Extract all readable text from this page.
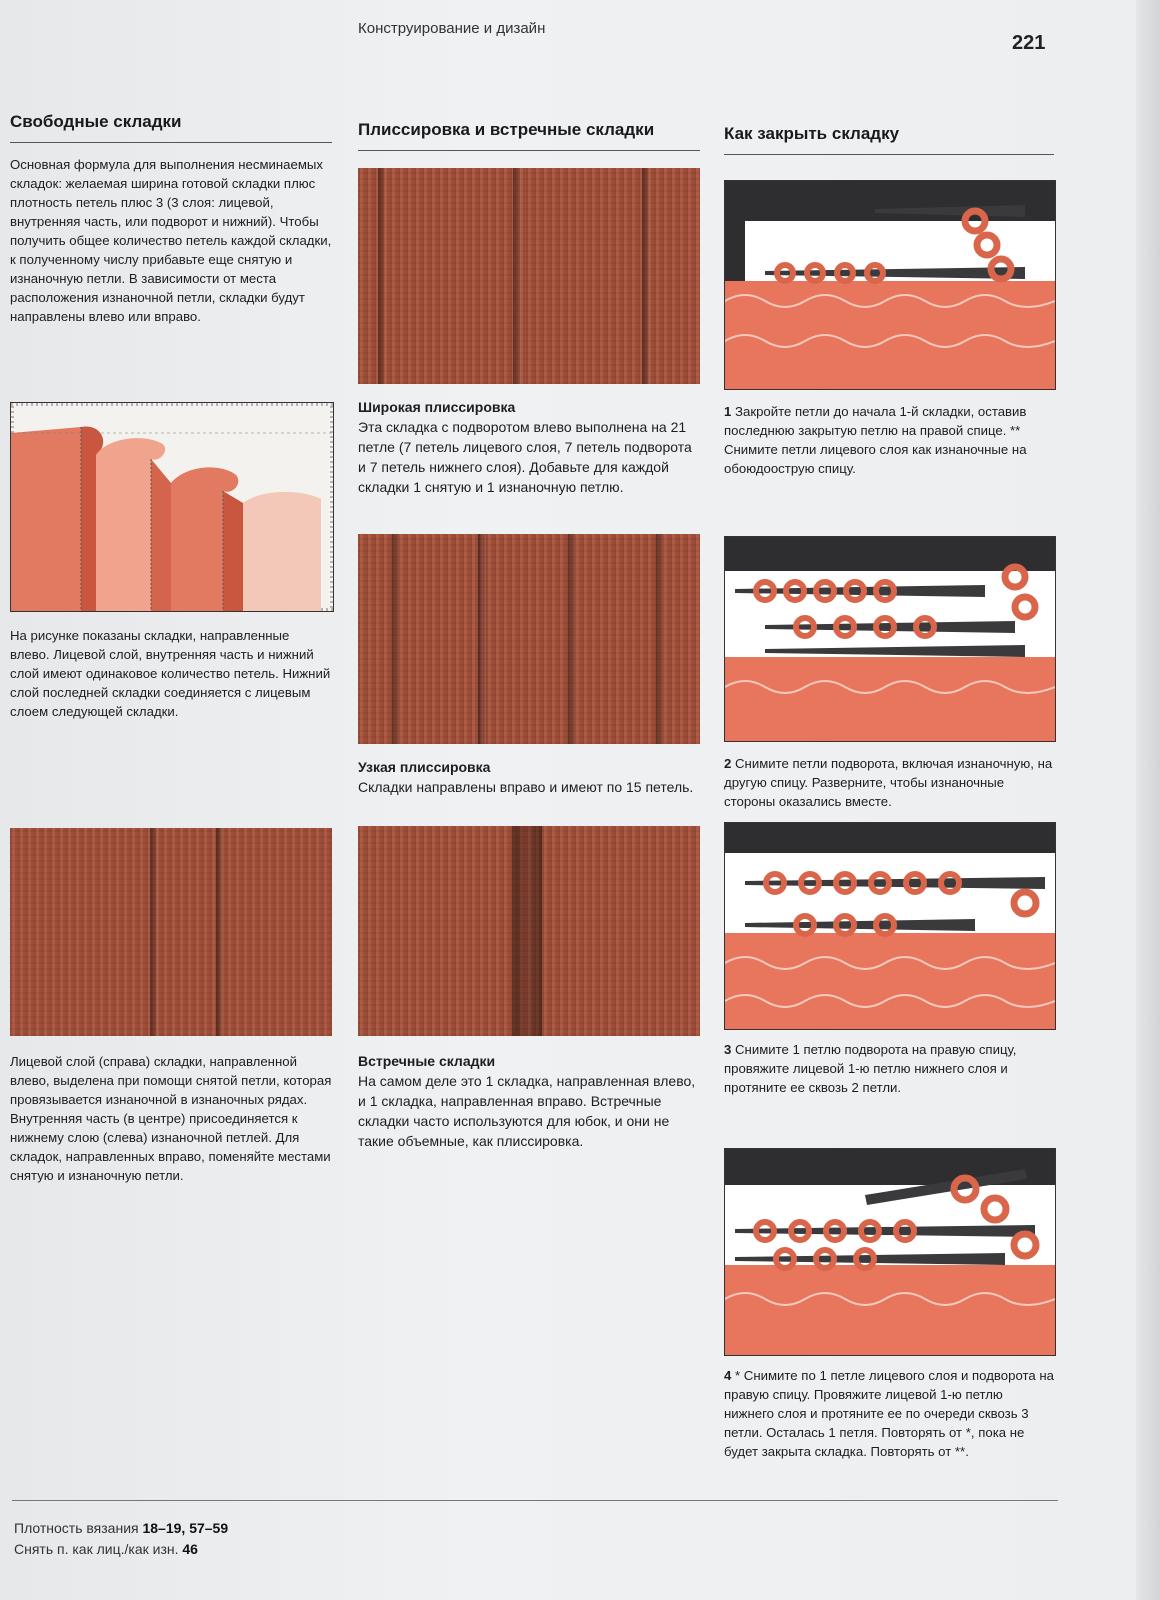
Конструирование и дизайн
221
Свободные складки

Основная формула для выполнения несминаемых складок: желаемая ширина готовой складки плюс плотность петель плюс 3 (3 слоя: лицевой, внутренняя часть, или подворот и нижний). Чтобы получить общее количество петель каждой складки, к полученному числу прибавьте еще снятую и изнаночную петли. В зависимости от места расположения изнаночной петли, складки будут направлены влево или вправо.

На рисунке показаны складки, направленные влево. Лицевой слой, внутренняя часть и нижний слой имеют одинаковое количество петель. Нижний слой последней складки соединяется с лицевым слоем следующей складки.

Лицевой слой (справа) складки, направленной влево, выделена при помощи снятой петли, которая провязывается изнаночной в изнаночных рядах. Внутренняя часть (в центре) присоединяется к нижнему слою (слева) изнаночной петлей. Для складок, направленных вправо, поменяйте местами снятую и изнаночную петли.

Плиссировка и встречные складки

Широкая плиссировка

Эта складка с подворотом влево выполнена на 21 петле (7 петель лицевого слоя, 7 петель подворота и 7 петель нижнего слоя). Добавьте для каждой складки 1 снятую и 1 изнаночную петлю.

Узкая плиссировка

Складки направлены вправо и имеют по 15 петель.

Встречные складки

На самом деле это 1 складка, направленная влево, и 1 складка, направленная вправо. Встречные складки часто используются для юбок, и они не такие объемные, как плиссировка.

Как закрыть складку

1 Закройте петли до начала 1-й складки, оставив последнюю закрытую петлю на правой спице. ** Снимите петли лицевого слоя как изнаночные на обоюдоострую спицу.

2 Снимите петли подворота, включая изнаночную, на другую спицу. Разверните, чтобы изнаночные стороны оказались вместе.

3 Снимите 1 петлю подворота на правую спицу, провяжите лицевой 1-ю петлю нижнего слоя и протяните ее сквозь 2 петли.

4 * Снимите по 1 петле лицевого слоя и подворота на правую спицу. Провяжите лицевой 1-ю петлю нижнего слоя и протяните ее по очереди сквозь 3 петли. Осталась 1 петля. Повторять от *, пока не будет закрыта складка. Повторять от **.

Плотность вязания 18–19, 57–59
Снять п. как лиц./как изн. 46
